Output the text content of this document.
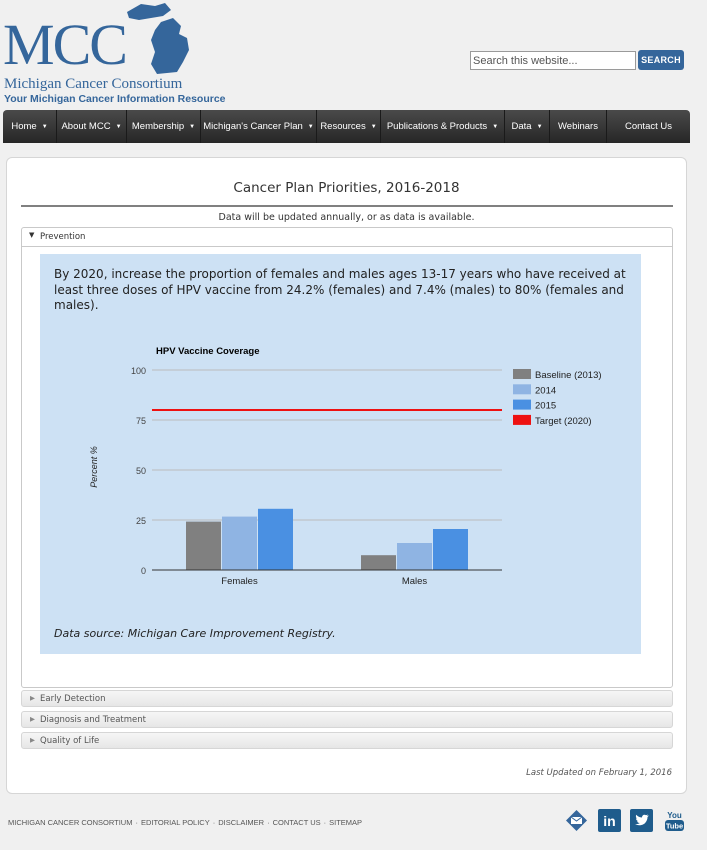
MCC
Michigan Cancer Consortium
Your Michigan Cancer Information Resource
Search this website...
SEARCH
Home ▼ About MCC ▼ Membership ▼ Michigan's Cancer Plan ▼ Resources ▼ Publications & Products ▼ Data ▼ Webinars	Contact Us
Cancer Plan Priorities, 2016-2018
Data will be updated annually, or as data is available.
▼ Prevention
By 2020, increase the proportion of females and males ages 13-17 years who have received at least three doses of HPV vaccine from 24.2% (females) and 7.4% (males) to 80% (females and males).
HPV Vaccine Coverage
Percent %
0
25
50
75
100
Females	Males
Baseline (2013)
2014
2015
Target (2020)
Data source: Michigan Care Improvement Registry.
▶ Early Detection
▶ Diagnosis and Treatment
▶ Quality of Life
Last Updated on February 1, 2016
MICHIGAN CANCER CONSORTIUM · EDITORIAL POLICY · DISCLAIMER · CONTACT US · SITEMAP	in	You
Tube
